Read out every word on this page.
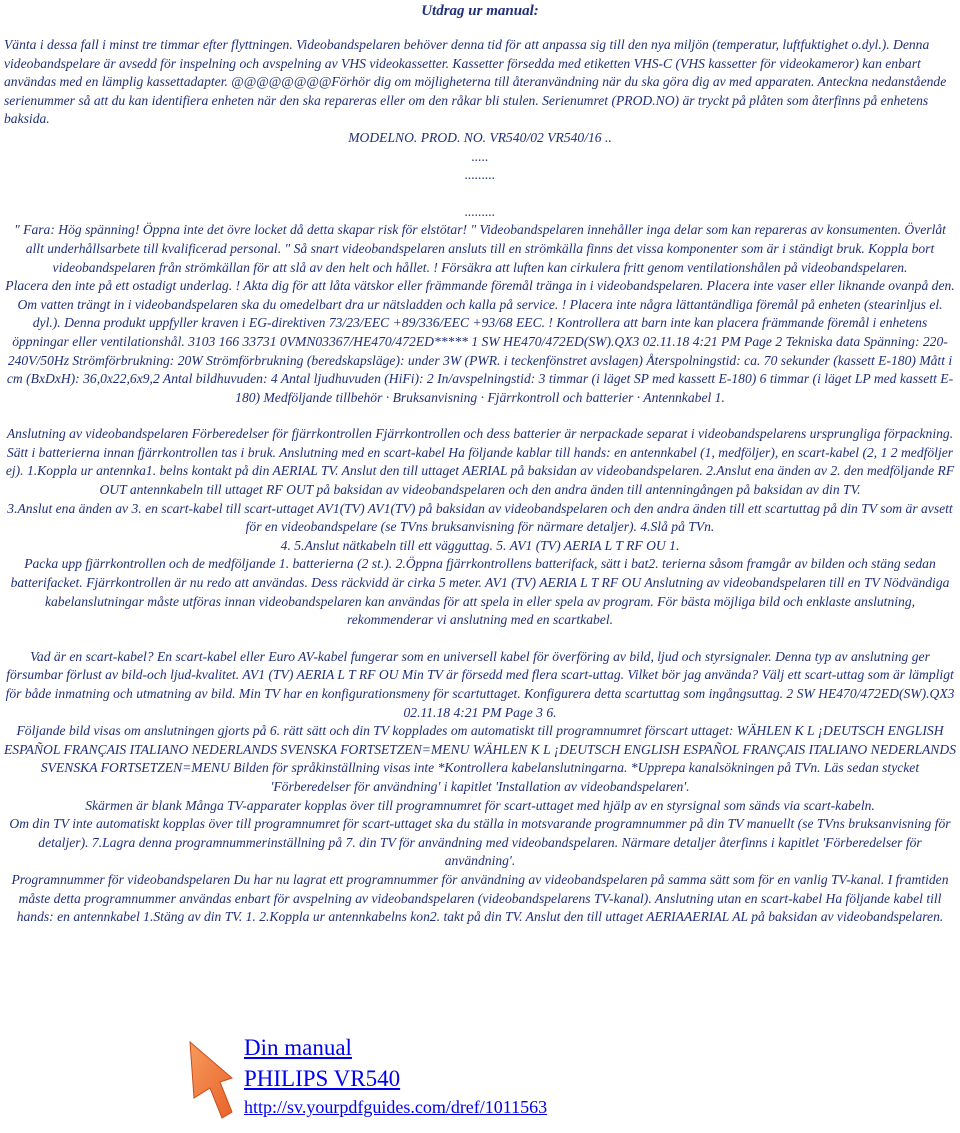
Utdrag ur manual:

Vänta i dessa fall i minst tre timmar efter flyttningen. Videobandspelaren behöver denna tid för att anpassa sig till den nya miljön (temperatur, luftfuktighet o.dyl.). Denna videobandspelare är avsedd för inspelning och avspelning av VHS videokassetter. Kassetter försedda med etiketten VHS-C (VHS kassetter för videokameror) kan enbart användas med en lämplig kassettadapter. @@@@@@@@Förhör dig om möjligheterna till återanvändning när du ska göra dig av med apparaten. Anteckna nedanstående serienummer så att du kan identifiera enheten när den ska repareras eller om den råkar bli stulen. Serienumret (PROD.NO) är tryckt på plåten som återfinns på enhetens baksida.

MODELNO. PROD. NO. VR540/02 VR540/16 ..

.....

.........

.........

" Fara: Hög spänning! Öppna inte det övre locket då detta skapar risk för elstötar! " Videobandspelaren innehåller inga delar som kan repareras av konsumenten. Överlåt allt underhållsarbete till kvalificerad personal. " Så snart videobandspelaren ansluts till en strömkälla finns det vissa komponenter som är i ständigt bruk. Koppla bort videobandspelaren från strömkällan för att slå av den helt och hållet. ! Försäkra att luften kan cirkulera fritt genom ventilationshålen på videobandspelaren.

Placera den inte på ett ostadigt underlag. ! Akta dig för att låta vätskor eller främmande föremål tränga in i videobandspelaren. Placera inte vaser eller liknande ovanpå den. Om vatten trängt in i videobandspelaren ska du omedelbart dra ur nätsladden och kalla på service. ! Placera inte några lättantändliga föremål på enheten (stearinljus el.

dyl.). Denna produkt uppfyller kraven i EG-direktiven 73/23/EEC +89/336/EEC +93/68 EEC. ! Kontrollera att barn inte kan placera främmande föremål i enhetens öppningar eller ventilationshål. 3103 166 33731 0VMN03367/HE470/472ED***** 1 SW HE470/472ED(SW).QX3 02.11.18 4:21 PM Page 2 Tekniska data Spänning: 220-240V/50Hz Strömförbrukning: 20W Strömförbrukning (beredskapsläge): under 3W (PWR. i teckenfönstret avslagen) Återspolningstid: ca. 70 sekunder (kassett E-180) Mått i cm (BxDxH): 36,0x22,6x9,2 Antal bildhuvuden: 4 Antal ljudhuvuden (HiFi): 2 In/avspelningstid: 3 timmar (i läget SP med kassett E-180) 6 timmar (i läget LP med kassett E-180) Medföljande tillbehör · Bruksanvisning · Fjärrkontroll och batterier · Antennkabel 1.

Anslutning av videobandspelaren Förberedelser för fjärrkontrollen Fjärrkontrollen och dess batterier är nerpackade separat i videobandspelarens ursprungliga förpackning. Sätt i batterierna innan fjärrkontrollen tas i bruk. Anslutning med en scart-kabel Ha följande kablar till hands: en antennkabel (1, medföljer), en scart-kabel (2, 1 2 medföljer ej). 1.Koppla ur antennka1. belns kontakt på din AERIAL TV. Anslut den till uttaget AERIAL på baksidan av videobandspelaren. 2.Anslut ena änden av 2. den medföljande RF OUT antennkabeln till uttaget RF OUT på baksidan av videobandspelaren och den andra änden till antenningången på baksidan av din TV.

3.Anslut ena änden av 3. en scart-kabel till scart-uttaget AV1(TV) AV1(TV) på baksidan av videobandspelaren och den andra änden till ett scartuttag på din TV som är avsett för en videobandspelare (se TVns bruksanvisning för närmare detaljer). 4.Slå på TVn.

4. 5.Anslut nätkabeln till ett vägguttag. 5. AV1 (TV) AERIA L T RF OU 1.

Packa upp fjärrkontrollen och de medföljande 1. batterierna (2 st.). 2.Öppna fjärrkontrollens batterifack, sätt i bat2. terierna såsom framgår av bilden och stäng sedan batterifacket. Fjärrkontrollen är nu redo att användas. Dess räckvidd är cirka 5 meter. AV1 (TV) AERIA L T RF OU Anslutning av videobandspelaren till en TV Nödvändiga kabelanslutningar måste utföras innan videobandspelaren kan användas för att spela in eller spela av program. För bästa möjliga bild och enklaste anslutning, rekommenderar vi anslutning med en scartkabel.

Vad är en scart-kabel? En scart-kabel eller Euro AV-kabel fungerar som en universell kabel för överföring av bild, ljud och styrsignaler. Denna typ av anslutning ger försumbar förlust av bild-och ljud-kvalitet. AV1 (TV) AERIA L T RF OU Min TV är försedd med flera scart-uttag. Vilket bör jag använda? Välj ett scart-uttag som är lämpligt för både inmatning och utmatning av bild. Min TV har en konfigurationsmeny för scartuttaget. Konfigurera detta scartuttag som ingångsuttag. 2 SW HE470/472ED(SW).QX3 02.11.18 4:21 PM Page 3 6.

Följande bild visas om anslutningen gjorts på 6. rätt sätt och din TV kopplades om automatiskt till programnumret förscart uttaget: WÄHLEN K L ¡DEUTSCH ENGLISH ESPAÑOL FRANÇAIS ITALIANO NEDERLANDS SVENSKA FORTSETZEN=MENU WÄHLEN K L ¡DEUTSCH ENGLISH ESPAÑOL FRANÇAIS ITALIANO NEDERLANDS SVENSKA FORTSETZEN=MENU Bilden för språkinställning visas inte *Kontrollera kabelanslutningarna. *Upprepa kanalsökningen på TVn. Läs sedan stycket 'Förberedelser för användning' i kapitlet 'Installation av videobandspelaren'.

Skärmen är blank Många TV-apparater kopplas över till programnumret för scart-uttaget med hjälp av en styrsignal som sänds via scart-kabeln.

Om din TV inte automatiskt kopplas över till programnumret för scart-uttaget ska du ställa in motsvarande programnummer på din TV manuellt (se TVns bruksanvisning för detaljer). 7.Lagra denna programnummerinställning på 7. din TV för användning med videobandspelaren. Närmare detaljer återfinns i kapitlet 'Förberedelser för användning'.

Programnummer för videobandspelaren Du har nu lagrat ett programnummer för användning av videobandspelaren på samma sätt som för en vanlig TV-kanal. I framtiden måste detta programnummer användas enbart för avspelning av videobandspelaren (videobandspelarens TV-kanal). Anslutning utan en scart-kabel Ha följande kabel till hands: en antennkabel 1.Stäng av din TV. 1. 2.Koppla ur antennkabelns kon2. takt på din TV. Anslut den till uttaget AERIAAERIAL AL på baksidan av videobandspelaren.

Din manual
PHILIPS VR540
http://sv.yourpdfguides.com/dref/1011563
